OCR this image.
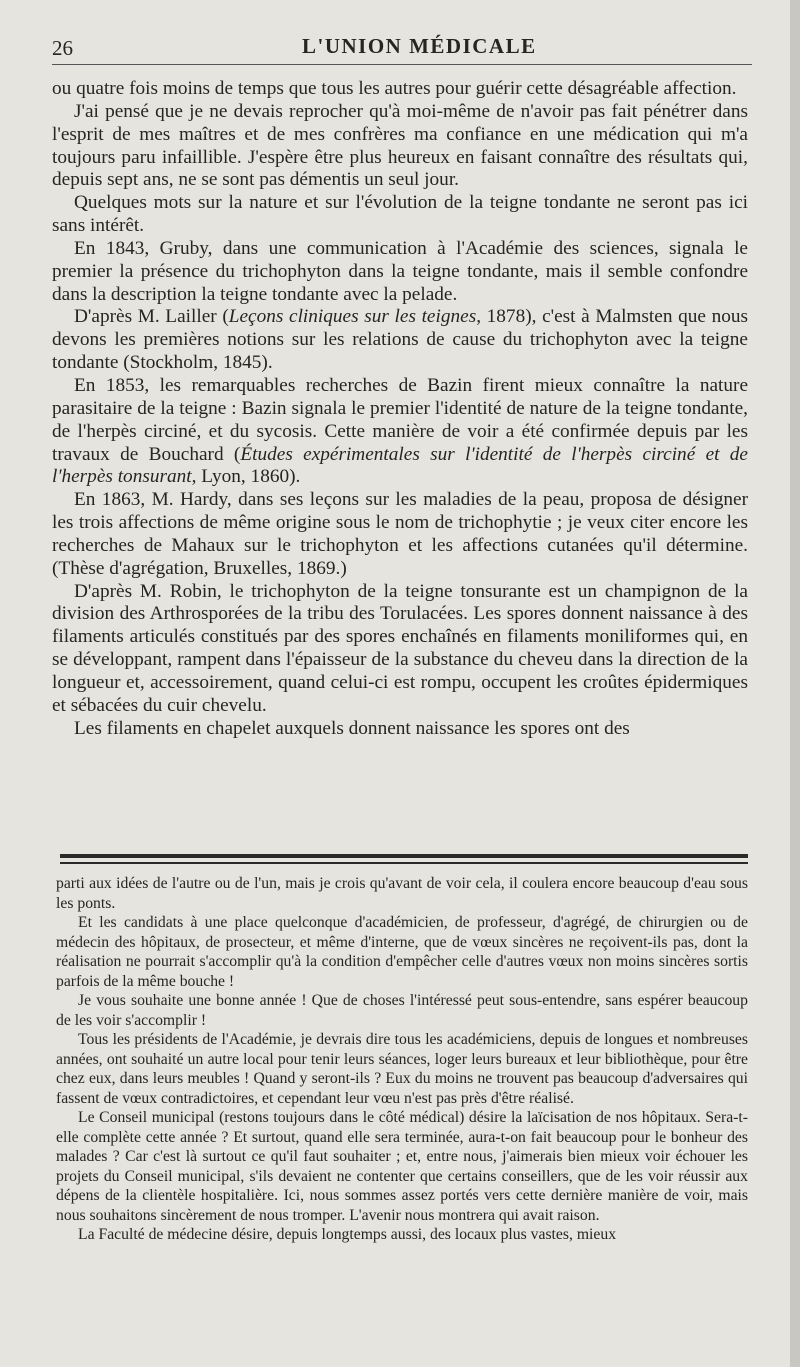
26	L'UNION MÉDICALE

ou quatre fois moins de temps que tous les autres pour guérir cette désagréable affection.

J'ai pensé que je ne devais reprocher qu'à moi-même de n'avoir pas fait pénétrer dans l'esprit de mes maîtres et de mes confrères ma confiance en une médication qui m'a toujours paru infaillible. J'espère être plus heureux en faisant connaître des résultats qui, depuis sept ans, ne se sont pas démentis un seul jour.

Quelques mots sur la nature et sur l'évolution de la teigne tondante ne seront pas ici sans intérêt.

En 1843, Gruby, dans une communication à l'Académie des sciences, signala le premier la présence du trichophyton dans la teigne tondante, mais il semble confondre dans la description la teigne tondante avec la pelade.

D'après M. Lailler (Leçons cliniques sur les teignes, 1878), c'est à Malmsten que nous devons les premières notions sur les relations de cause du trichophyton avec la teigne tondante (Stockholm, 1845).

En 1853, les remarquables recherches de Bazin firent mieux connaître la nature parasitaire de la teigne : Bazin signala le premier l'identité de nature de la teigne tondante, de l'herpès circiné, et du sycosis. Cette manière de voir a été confirmée depuis par les travaux de Bouchard (Études expérimentales sur l'identité de l'herpès circiné et de l'herpès tonsurant, Lyon, 1860).

En 1863, M. Hardy, dans ses leçons sur les maladies de la peau, proposa de désigner les trois affections de même origine sous le nom de trichophytie ; je veux citer encore les recherches de Mahaux sur le trichophyton et les affections cutanées qu'il détermine. (Thèse d'agrégation, Bruxelles, 1869.)

D'après M. Robin, le trichophyton de la teigne tonsurante est un champignon de la division des Arthrosporées de la tribu des Torulacées. Les spores donnent naissance à des filaments articulés constitués par des spores enchaînés en filaments moniliformes qui, en se développant, rampent dans l'épaisseur de la substance du cheveu dans la direction de la longueur et, accessoirement, quand celui-ci est rompu, occupent les croûtes épidermiques et sébacées du cuir chevelu.

Les filaments en chapelet auxquels donnent naissance les spores ont des

parti aux idées de l'autre ou de l'un, mais je crois qu'avant de voir cela, il coulera encore beaucoup d'eau sous les ponts.

Et les candidats à une place quelconque d'académicien, de professeur, d'agrégé, de chirurgien ou de médecin des hôpitaux, de prosecteur, et même d'interne, que de vœux sincères ne reçoivent-ils pas, dont la réalisation ne pourrait s'accomplir qu'à la condition d'empêcher celle d'autres vœux non moins sincères sortis parfois de la même bouche !

Je vous souhaite une bonne année ! Que de choses l'intéressé peut sous-entendre, sans espérer beaucoup de les voir s'accomplir !

Tous les présidents de l'Académie, je devrais dire tous les académiciens, depuis de longues et nombreuses années, ont souhaité un autre local pour tenir leurs séances, loger leurs bureaux et leur bibliothèque, pour être chez eux, dans leurs meubles ! Quand y seront-ils ? Eux du moins ne trouvent pas beaucoup d'adversaires qui fassent de vœux contradictoires, et cependant leur vœu n'est pas près d'être réalisé.

Le Conseil municipal (restons toujours dans le côté médical) désire la laïcisation de nos hôpitaux. Sera-t-elle complète cette année ? Et surtout, quand elle sera terminée, aura-t-on fait beaucoup pour le bonheur des malades ? Car c'est là surtout ce qu'il faut souhaiter ; et, entre nous, j'aimerais bien mieux voir échouer les projets du Conseil municipal, s'ils devaient ne contenter que certains conseillers, que de les voir réussir aux dépens de la clientèle hospitalière. Ici, nous sommes assez portés vers cette dernière manière de voir, mais nous souhaitons sincèrement de nous tromper. L'avenir nous montrera qui avait raison.

La Faculté de médecine désire, depuis longtemps aussi, des locaux plus vastes, mieux
